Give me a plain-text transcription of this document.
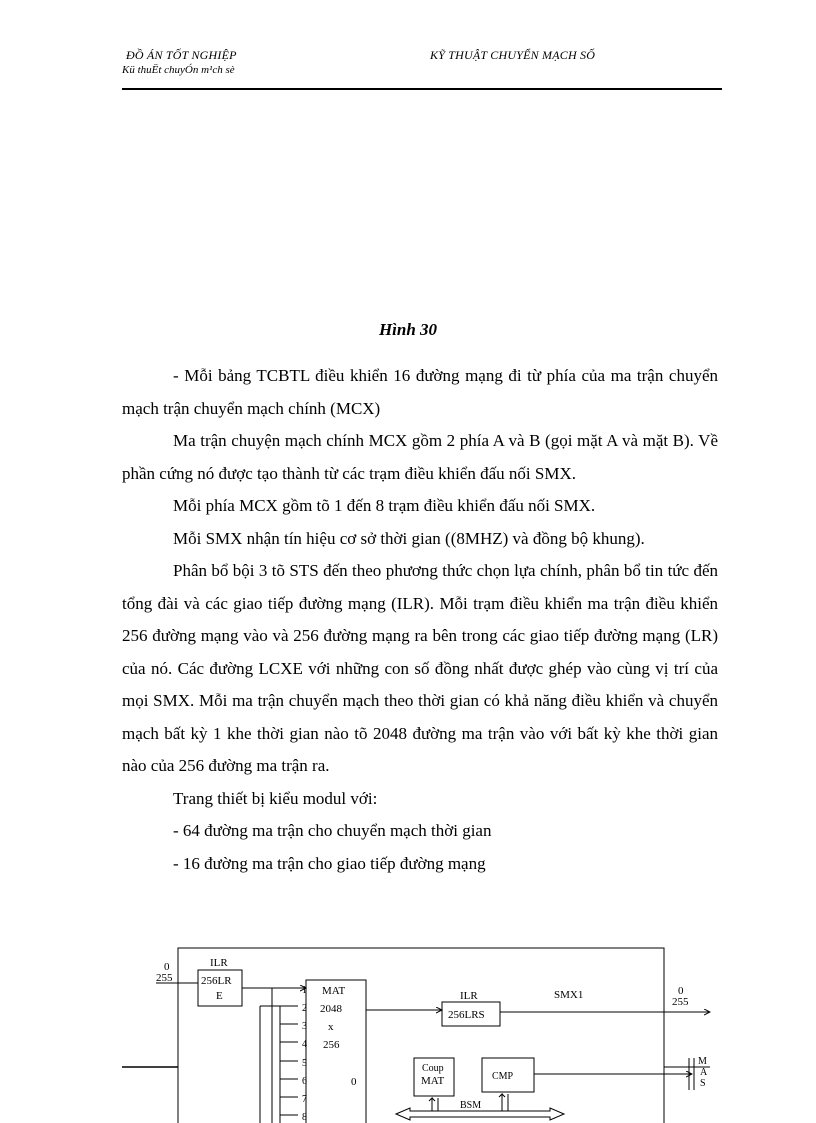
ĐỒ ÁN TỐT NGHIỆP
Kü thuËt chuyÓn m¹ch sè
KỸ THUẬT CHUYỂN MẠCH SỐ
Hình 30

- Mỗi bảng TCBTL điều khiển 16 đường mạng đi từ phía của ma trận chuyển mạch trận chuyển mạch chính (MCX)

Ma trận chuyện mạch chính MCX gồm 2 phía A và B (gọi mặt A và mặt B). Về phần cứng nó được tạo thành từ các trạm điều khiển đấu nối SMX.

Mỗi phía MCX gồm tõ 1 đến 8 trạm điều khiển đấu nối SMX.

Mỗi SMX nhận tín hiệu cơ sở thời gian ((8MHZ) và đồng bộ khung).

Phân bổ bội 3 tõ STS đến theo phương thức chọn lựa chính, phân bổ tin tức đến tổng đài và các giao tiếp đường mạng (ILR). Mỗi trạm điều khiển ma trận điều khiển 256 đường mạng vào và 256 đường mạng ra bên trong các giao tiếp đường mạng (LR) của nó. Các đường LCXE với những con số đồng nhất được ghép vào cùng vị trí của mọi SMX. Mỗi ma trận chuyển mạch theo thời gian có khả năng điều khiển và chuyển mạch bất kỳ 1 khe thời gian nào tõ 2048 đường ma trận vào với bất kỳ khe thời gian nào của 256 đường ma trận ra.

Trang thiết bị kiểu modul với:

- 64 đường ma trận cho chuyển mạch thời gian

- 16 đường ma trận cho giao tiếp đường mạng

0
255
ILR
256LR
E	MAT
2048
x
256
0
1
2
3
4
5
6
7
8
ILR
256LRS
SMX1	0
255
Coup
MAT	CMP
M
A
S
BSM
